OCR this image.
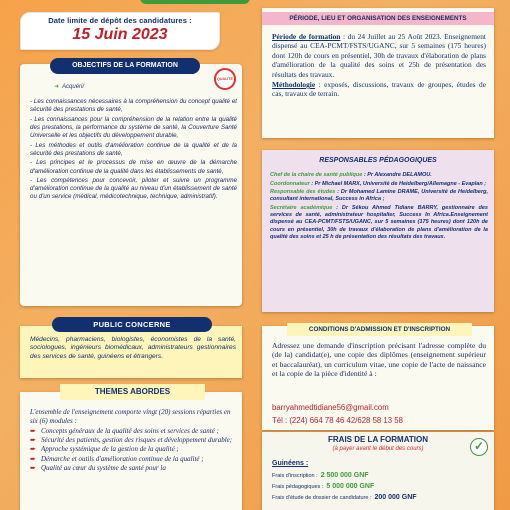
Date limite de dépôt des candidatures :
15 Juin 2023
OBJECTIFS DE LA FORMATION
QUALITÉ
➜ Acquérir
- Les connaissances nécessaires à la compréhension du concept qualité et sécurité des prestations de santé,
- Les connaissances pour la compréhension de la relation entre la qualité des prestations, la performance du système de santé, la Couverture Santé Universelle et les objectifs du développement durable,
- Les méthodes et outils d'amélioration continue de la qualité et de la sécurité des prestations de santé,
- Les principes et le processus de mise en œuvre de la démarche d'amélioration continue de la qualité dans les établissements de santé,
- Les compétences pour concevoir, piloter et suivre un programme d'amélioration continue de la qualité au niveau d'un établissement de santé ou d'un service (médical, médicotechnique, technique, administratif).
PUBLIC CONCERNE
Médecins, pharmaciens, biologistes, économistes de la santé, sociologues, ingénieurs biomédicaux, administrateurs gestionnaires des services de santé, guinéens et étrangers.
THEMES ABORDES
L'ensemble de l'enseignement comporte vingt (20) sessions réparties en six (6) modules :
➨ Concepts généraux de la qualité des soins et services de santé ;
➨ Sécurité des patients, gestion des risques et développement durable;
➨ Approche systémique de la gestion de la qualité ;
➨ Démarche et outils d'amélioration continue de la qualité ;
➨ Qualité au cœur du système de santé pour la
PÉRIODE, LIEU ET ORGANISATION DES ENSEIGNEMENTS

Période de formation : du 24 Juillet au 25 Août 2023. Enseignement dispensé au CEA-PCMT/FSTS/UGANC, sur 5 semaines (175 heures) dont 120h de cours en présentiel, 30h de travaux d'élaboration de plans d'amélioration de la qualité des soins et 25h de présentation des résultats des travaux.

Méthodologie : exposés, discussions, travaux de groupes, études de cas, travaux de terrain.

RESPONSABLES PÉDAGOGIQUES

Chef de la chaire de santé publique : Pr Alexandre DELAMOU.

Coordonnateur : Pr Michael MARX, Université de Heidelberg/Allemagne - Evaplan ;

Responsable des études : Dr Mohamed Lamine DRAME, Université de Heidelberg, consultant international, Success in Africa ;

Secrétaire académique : Dr Sékou Ahmed Tidiane BARRY, gestionnaire des services de santé, administrateur hospitalier, Success In Africa.Enseignement dispensé au CEA-PCMT/FSTS/UGANC, sur 5 semaines (175 heures) dont 120h de cours en présentiel, 30h de travaux d'élaboration de plans d'amélioration de la qualité des soins et 25 h de présentation des résultats des travaux.

CONDITIONS D'ADMISSION ET D'INSCRIPTION
Adressez une demande d'inscription précisant l'adresse complète du (de la) candidat(e), une copie des diplômes (enseignement supérieur et baccalauréat), un curriculum vitae, une copie de l'acte de naissance et la copie de la pièce d'identité à :
barryahmedtidiane56@gmail.com
Tél : (224) 664 78 46 42/628 58 13 58
FRAIS DE LA FORMATION
(à payer avant le début des cours)	✓
Guinéens :
Frais d'inscription : 2 500 000 GNF
Frais pédagogiques : 5 000 000 GNF
Frais d'étude de dossier de candidature : 200 000 GNF
